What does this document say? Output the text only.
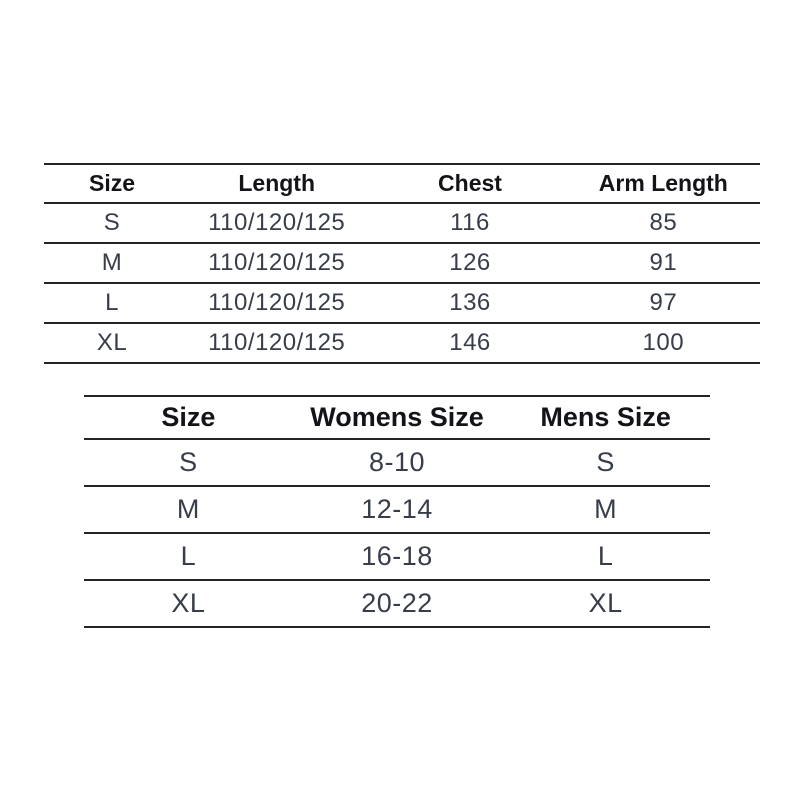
Size	Length	Chest	Arm Length
S	110/120/125	116	85
M	110/120/125	126	91
L	110/120/125	136	97
XL	110/120/125	146	100
Size	Womens Size	Mens Size
S	8-10	S
M	12-14	M
L	16-18	L
XL	20-22	XL
